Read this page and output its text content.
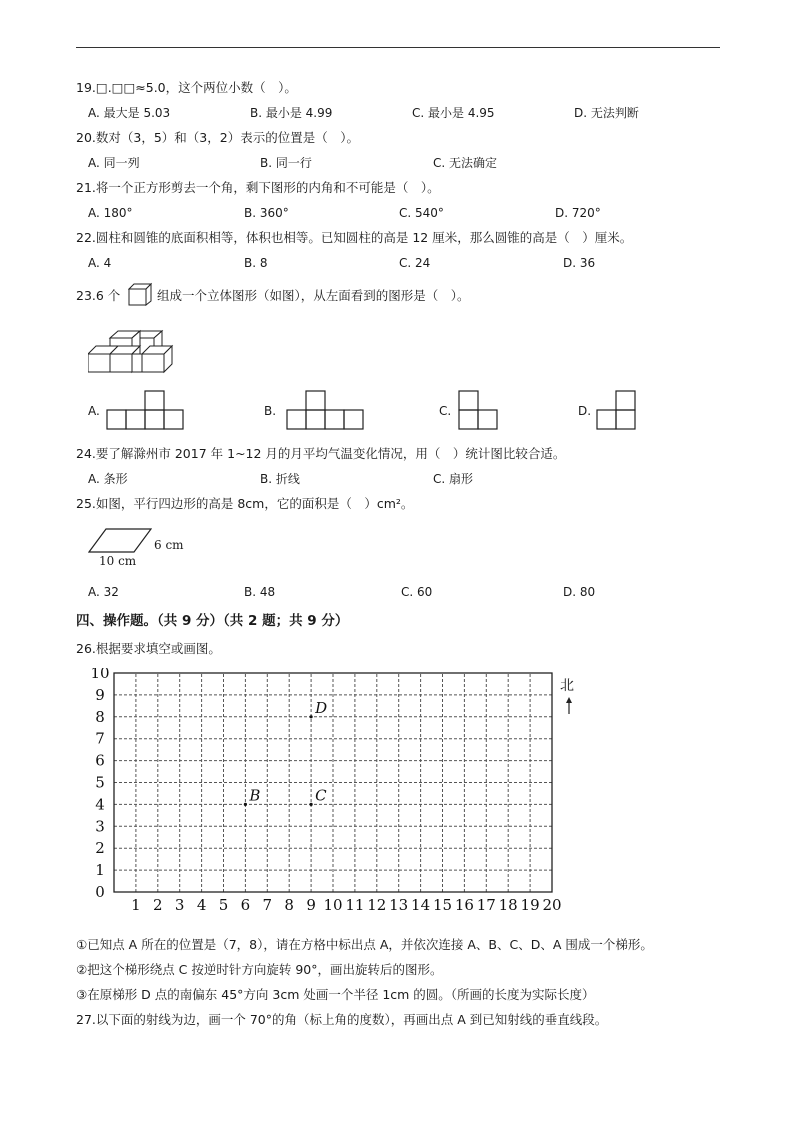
19.□.□□≈5.0，这个两位小数（　）。
A. 最大是 5.03	B. 最小是 4.99	C. 最小是 4.95	D. 无法判断
20.数对（3，5）和（3，2）表示的位置是（　）。
A. 同一列	B. 同一行	C. 无法确定
21.将一个正方形剪去一个角，剩下图形的内角和不可能是（　）。
A. 180°	B. 360°	C. 540°	D. 720°
22.圆柱和圆锥的底面积相等，体积也相等。已知圆柱的高是 12 厘米，那么圆锥的高是（　）厘米。
A. 4	B. 8	C. 24	D. 36
23.6 个	组成一个立体图形（如图），从左面看到的图形是（　）。
A.	B.	C.	D.
24.要了解滁州市 2017 年 1~12 月的月平均气温变化情况，用（　）统计图比较合适。
A. 条形	B. 折线	C. 扇形
25.如图，平行四边形的高是 8cm，它的面积是（　）cm²。
6 cm
10 cm
A. 32	B. 48	C. 60	D. 80
四、操作题。（共 9 分）（共 2 题；共 9 分）
26.根据要求填空或画图。
1 2 3 4 5 6 7 8 9 10 11 12 13 14 15 16 17 18 19 20
0
1
2
3
4
5
6
7
8
9
10
B	C
D
北
①已知点 A 所在的位置是（7，8），请在方格中标出点 A，并依次连接 A、B、C、D、A 围成一个梯形。
②把这个梯形绕点 C 按逆时针方向旋转 90°，画出旋转后的图形。
③在原梯形 D 点的南偏东 45°方向 3cm 处画一个半径 1cm 的圆。（所画的长度为实际长度）
27.以下面的射线为边，画一个 70°的角（标上角的度数），再画出点 A 到已知射线的垂直线段。
